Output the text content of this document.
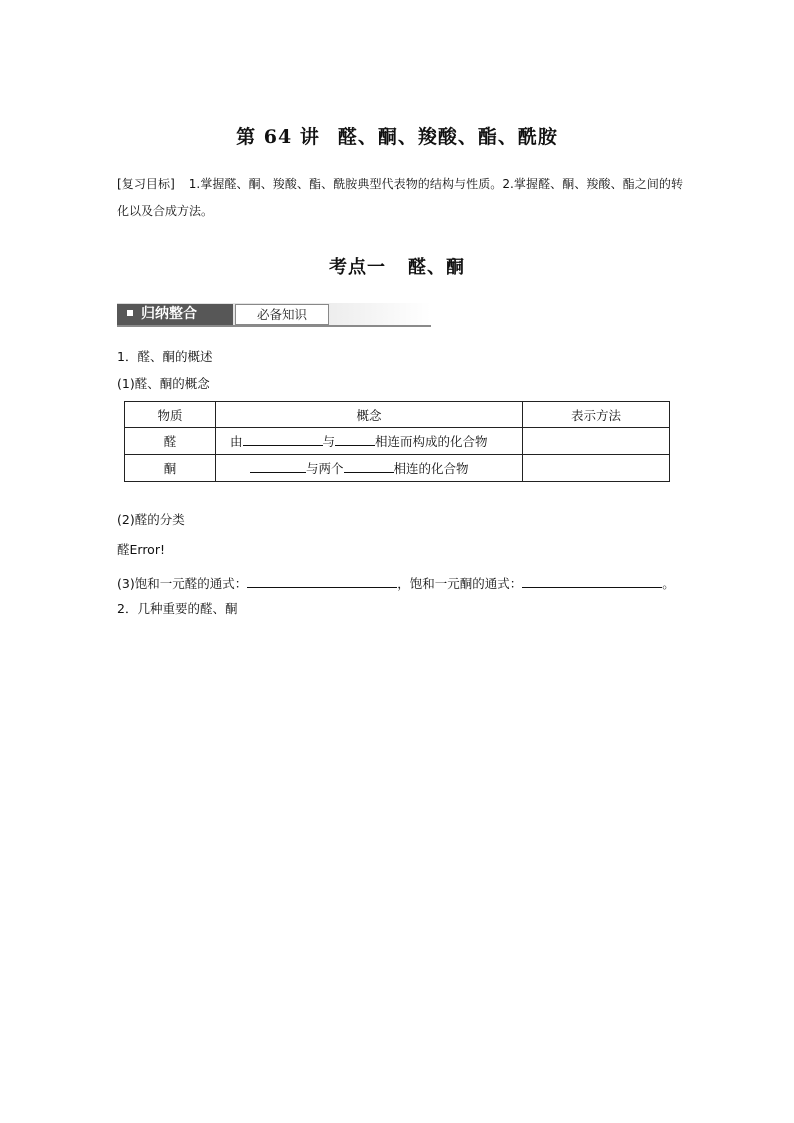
第 64 讲 醛、酮、羧酸、酯、酰胺
[复习目标] 1.掌握醛、酮、羧酸、酯、酰胺典型代表物的结构与性质。2.掌握醛、酮、羧酸、酯之间的转化以及合成方法。
考点一 醛、酮
归纳整合	必备知识
1．醛、酮的概述
(1)醛、酮的概念
物质	概念	表示方法
醛	由 与 相连而构成的化合物	
酮	与两个 相连的化合物	
(2)醛的分类
醛Error!
(3)饱和一元醛的通式：	，饱和一元酮的通式：	。
2．几种重要的醛、酮
